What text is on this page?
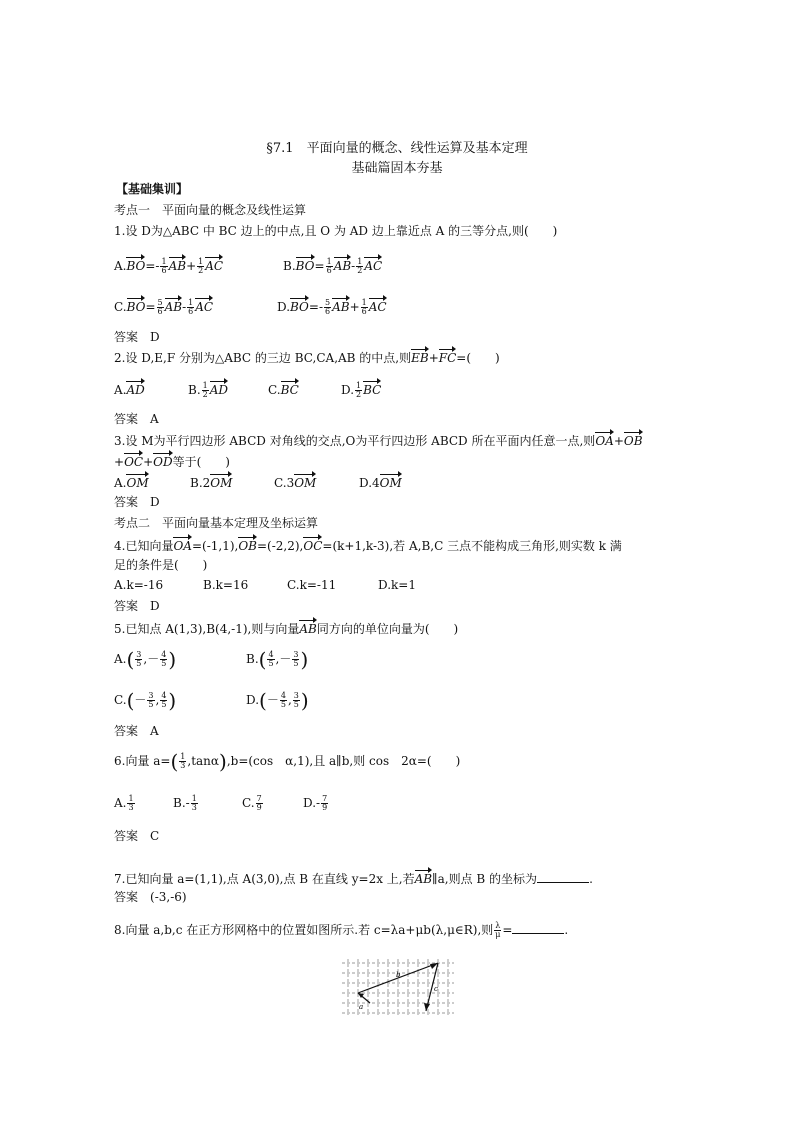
§7.1　平面向量的概念、线性运算及基本定理
基础篇固本夯基
【基础集训】
考点一　平面向量的概念及线性运算
1.设 D为△ABC 中 BC 边上的中点,且 O 为 AD 边上靠近点 A 的三等分点,则(　　)
$A.BO=- \frac{1}{6} AB+ \frac{1}{2}$ AC	$B.BO= \frac{1}{6} AB- \frac{1}{2}$ AC
$C.BO= \frac{5}{6} AB- \frac{1}{6}$ AC	$D.BO=- \frac{5}{6} AB+ \frac{1}{6}$ AC
答案　 D
2.设 D,E,F 分别为△ABC 的三边 BC,CA,AB 的中点,则EB+FC=(　　)
A.AD	B. $\frac{1}{2}$ AD	C.BC	D. $\frac{1}{2}$ BC
答案　 A
3.设 M为平行四边形 ABCD 对角线的交点,O为平行四边形 ABCD 所在平面内任意一点,则OA+OB
+OC+OD等于(　　)
A.OM	B.2OM	C.3OM	D.4OM
答案　 D
考点二　平面向量基本定理及坐标运算
4.已知向量OA=(-1,1),OB=(-2,2),OC=(k+1,k-3),若 A,B,C 三点不能构成三角形,则实数 k 满
足的条件是(　　)
A.k=-16	B.k=16	C.k=-11	D.k=1
答案　 D
5.已知点 A(1,3),B(4,-1),则与向量AB同方向的单位向量为(　　)
$A.( \frac{3}{5}$ ,－ $\frac{4}{5}$ )	$B.( \frac{4}{5}$ ,－ $\frac{3}{5}$ )
$C.(- \frac{3}{5}$ , $\frac{4}{5}$ )	$D.(- \frac{4}{5}$ , $\frac{3}{5}$ )
答案　 A
6.向量 $a=( \frac{1}{3} ,\tan\alpha),b=(\cos$　α,1),且 a∥b,则 cos　2α=(　　)
A. $\frac{1}{3}$	$B.- \frac{1}{3}$	C. $\frac{7}{9}$	$D.- \frac{7}{9}$
答案　 C
7.已知向量 a=(1,1),点 A(3,0),点 B 在直线 y=2x 上,若AB∥a,则点 B 的坐标为	.
答案　 (-3,-6)
8.向量 a,b,c 在正方形网格中的位置如图所示.若 c=λa+μb(λ,μ∈R),则 $\frac{\lambda}{\mu}$ =	.
b
c
a
